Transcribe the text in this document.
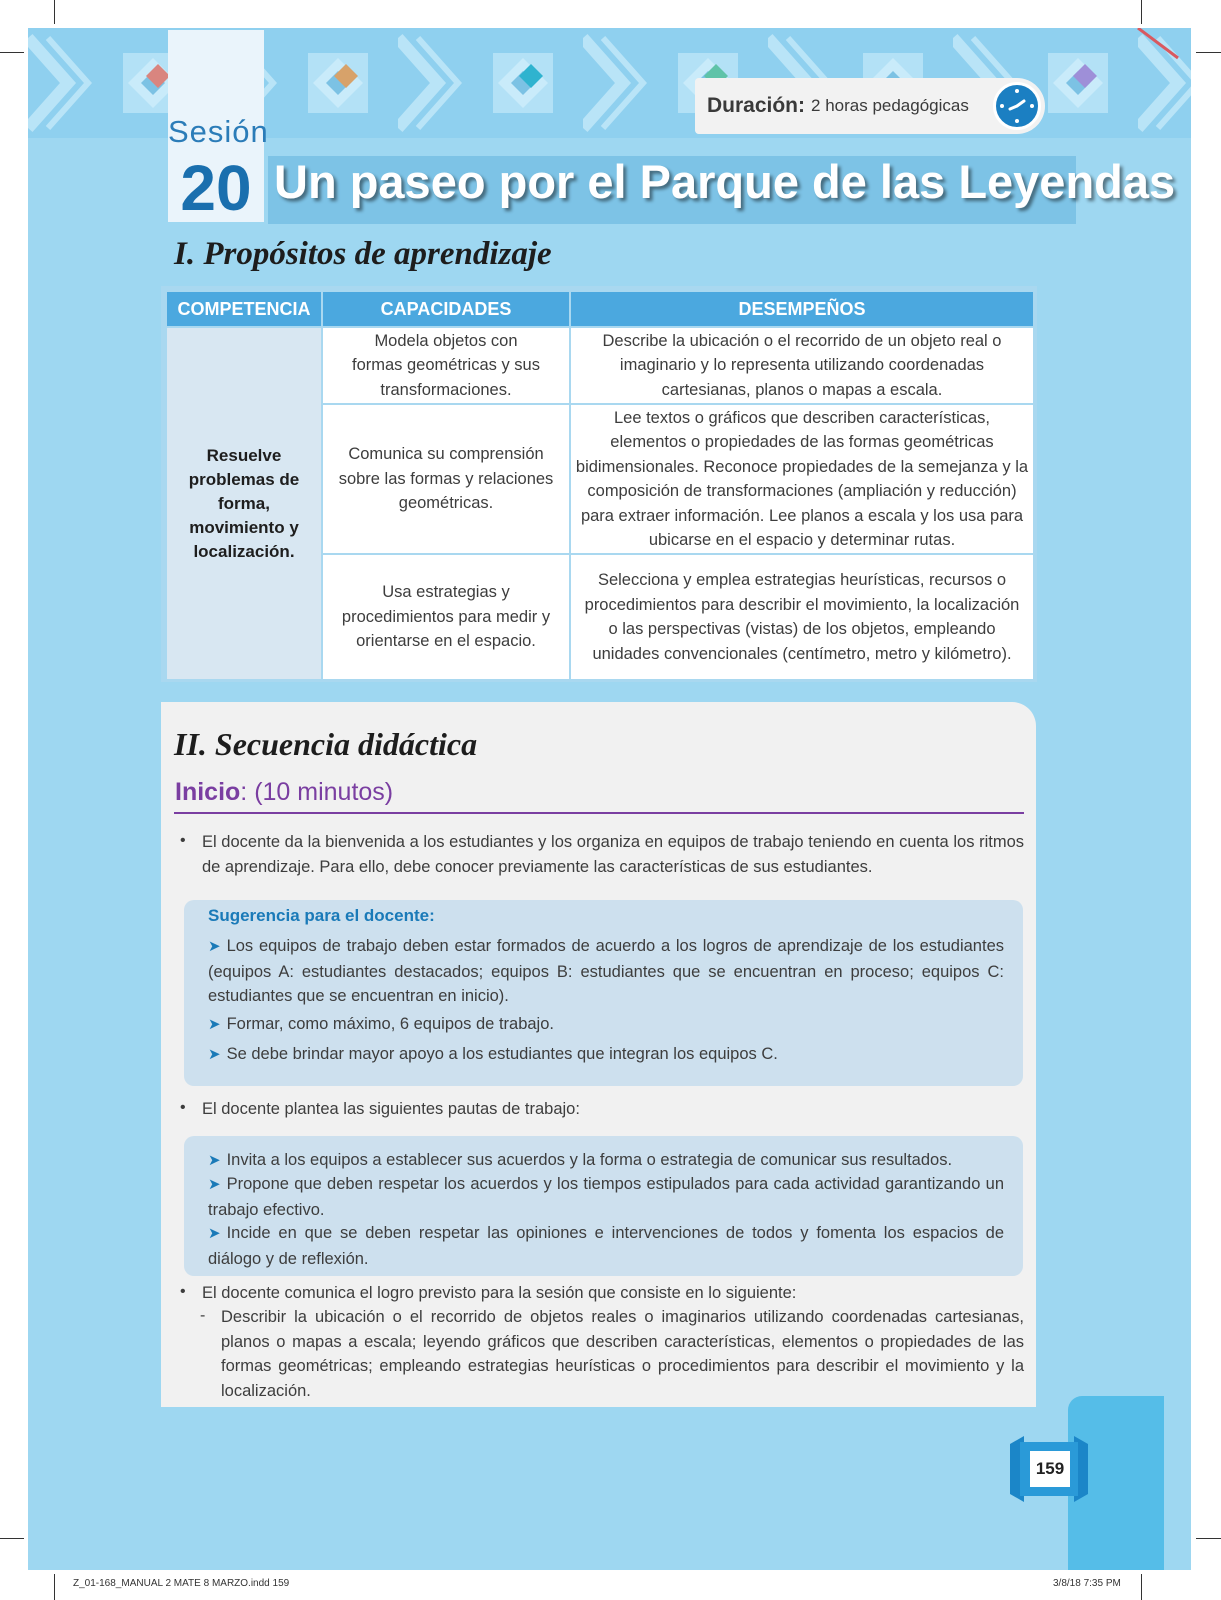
Duración: 2 horas pedagógicas
Sesión
20 Un paseo por el Parque de las Leyendas
I. Propósitos de aprendizaje
COMPETENCIA	CAPACIDADES	DESEMPEÑOS
Resuelve problemas de forma, movimiento y localización.	Modela objetos con formas geométricas y sus transformaciones.	Describe la ubicación o el recorrido de un objeto real o imaginario y lo representa utilizando coordenadas cartesianas, planos o mapas a escala.
	Comunica su comprensión sobre las formas y relaciones geométricas.	Lee textos o gráficos que describen características, elementos o propiedades de las formas geométricas bidimensionales. Reconoce propiedades de la semejanza y la composición de transformaciones (ampliación y reducción) para extraer información. Lee planos a escala y los usa para ubicarse en el espacio y determinar rutas.
	Usa estrategias y procedimientos para medir y orientarse en el espacio.	Selecciona y emplea estrategias heurísticas, recursos o procedimientos para describir el movimiento, la localización o las perspectivas (vistas) de los objetos, empleando unidades convencionales (centímetro, metro y kilómetro).
II. Secuencia didáctica
Inicio: (10 minutos)
• El docente da la bienvenida a los estudiantes y los organiza en equipos de trabajo teniendo en cuenta los ritmos de aprendizaje. Para ello, debe conocer previamente las características de sus estudiantes.
Sugerencia para el docente:
➤ Los equipos de trabajo deben estar formados de acuerdo a los logros de aprendizaje de los estudiantes (equipos A: estudiantes destacados; equipos B: estudiantes que se encuentran en proceso; equipos C: estudiantes que se encuentran en inicio).
➤ Formar, como máximo, 6 equipos de trabajo.
➤ Se debe brindar mayor apoyo a los estudiantes que integran los equipos C.
• El docente plantea las siguientes pautas de trabajo:
➤ Invita a los equipos a establecer sus acuerdos y la forma o estrategia de comunicar sus resultados.
➤ Propone que deben respetar los acuerdos y los tiempos estipulados para cada actividad garantizando un trabajo efectivo.
➤ Incide en que se deben respetar las opiniones e intervenciones de todos y fomenta los espacios de diálogo y de reflexión.
• El docente comunica el logro previsto para la sesión que consiste en lo siguiente:
- Describir la ubicación o el recorrido de objetos reales o imaginarios utilizando coordenadas cartesianas, planos o mapas a escala; leyendo gráficos que describen características, elementos o propiedades de las formas geométricas; empleando estrategias heurísticas o procedimientos para describir el movimiento y la localización.
159
Z_01-168_MANUAL 2 MATE 8 MARZO.indd 159	3/8/18 7:35 PM
